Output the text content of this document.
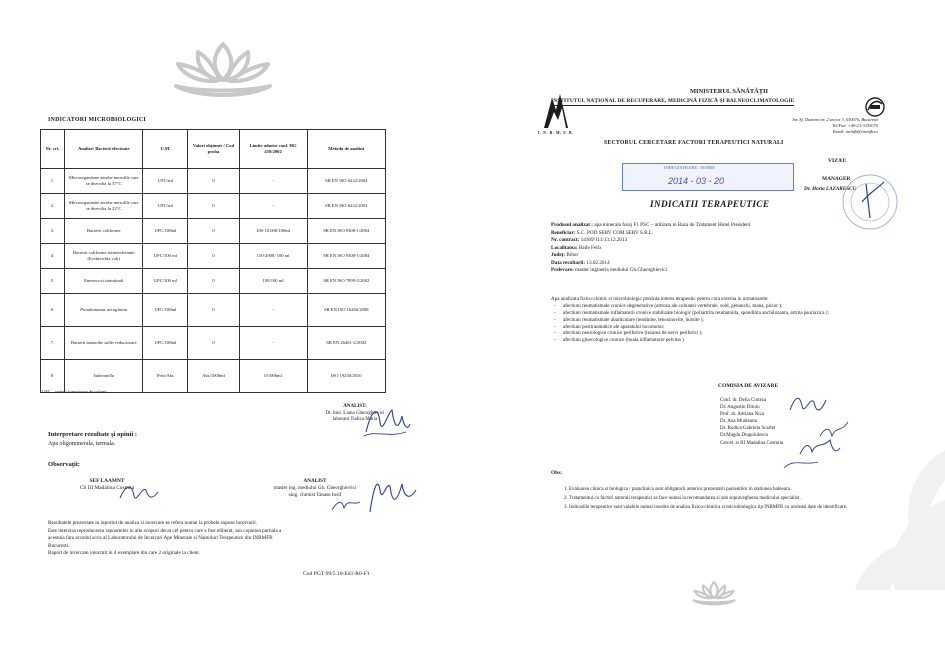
INDICATORI MICROBIOLOGICI
Nr. crt.	Analize/ Bacterii efectuate	U.M.	Valori obţinute / Cod proba	Limite admise conf. HG 459/2002	Metoda de analiză
1.	Microorganisme aerobe mezofile care se dezvolta la 37°C	UFC/ml	0	-	SR EN ISO 6222/2004
2.	Microorganisme aerobe mezofile care se dezvolta la 22°C	UFC/ml	0	-	SR EN ISO 6222/2004
3.	Bacterii coliforme	UFC/100ml	0	100-10.000/100ml	SR EN ISO 9308-1/2004
4.	Bacterii coliforme termotolerante (Escherichia coli)	UFC/100 ml	0	150-2000/ 100 ml	SR EN ISO 9308-1/2004
5.	Enterococi intestinali	UFC/100 ml	0	100/100 ml	SR EN ISO 7899-2/2002
6.	Pseudomonas aeruginosa	UFC/100ml	0	-	SR EN ISO 16266/2008
7.	Bacterii anaerobe sulfit-reducatoare	UFC/100ml	0	-	SR EN 26461-2/2002
8.	Salmonella	Prez/Abs	Abs/1000ml	0/1000ml	ISO 19250/2010
UFC – unitati formatoare de colonii
ANALIST:
Dr. biol. Liana Gheorghievici
laborant Tudica Maria
Interpretare rezultate şi opinii :
Apa oligominerala, termala.
Observaţii:
SEF LAAMNT
CS III Madalina Cosmita
ANALIST
master ing. mediului Gh. Gheorghievici
sing. chimist Tanase Iosif
Rezultatele prezentate in raportul de analiza si incercare se refera numai la probele supuse incercarii.
Este interzisa reproducerea rapoartelor in alte scopuri decat cel pentru care a fost eliberat, sau copierea partiala a
acestuia fara acordul scris al Laboratorului de Incercari Ape Minerale si Namoluri Terapeutice din INRMFB
Bucuresti.
Raport de incercare intocmit in 4 exemplare din care 2 originale la client.
Cod PGT 09/5.10-Ed1-R0-F1
I. N. R. M. F. B.
MINISTERUL SĂNĂTĂŢII
INSTITUTUL NAŢIONAL DE RECUPERARE, MEDICINĂ FIZICĂ ŞI BALNEOCLIMATOLOGIE
Str. Sf. Dumitru nr. 2 sector 3, 030076, Bucuresti
Tel/Fax: +40-21-3155070
Email: inrmfb@inrmfb.ro
SECTORUL CERCETARE FACTORI TERAPEUTICI NATURALI
INREGISTRARE / IESIRE
2014 - 03 - 20
VIZAT:
MANAGER
Dr. Horia LAZARESCU
INDICATII TERAPEUTICE
Produsul analizat : apa minerala foraj F1 PSC – utilizata in Baza de Tratament Hotel President
Beneficiar: S.C. POD SERV COM SERV S.R.L.
Nr. contract: 14369/111/13.12.2013
Localitatea: Baile Felix
Judeţ: Bihor
Data recoltarii: 13.02.2014
Prelevare: master ingineria mediului Gh.Gheorghievici
Apa analizata fizico-chimic si microbiologic prezinta interes terapeutic pentru cura externa in urmatoarele:
- afectiuni reumatismale cronice degenerative (artroza ale coloanei vertebrale, sold, genunchi, mana, picior );
- afectiuni reumatismale inflamatorii cronice stabilizate biologic (poliartrita reumatoida, spondilita anchilozanta, artrita psoriazica );
- afectiuni reumatismale abarticulare (tendinite, tenosinovite, bursite );
- afectiuni posttraumatice ale aparatului locomotor;
- afectiuni neurologice cronice periferice (lezarea de nervi periferici );
- afectiuni ginecologice cronice (boala inflamatorie pelvina )
COMISIA DE AVIZARE
Conf. dr. Delia Cinteza
Dr. Augustin Ditoiu
Prof. dr. Adriana Nica
Dr. Ana Munteanu
Dr. Rodica Gabriela Scarlet
Dr.Magda Dragoiulescu
Cercet. st III Madalina Cosmita
Obs:
1. Evaluarea clinica si biologica / paraclinica sunt obligatorii anterior prezentarii pacientilor in statiunea balneara .
2. Tratamentul cu factori naturali terapeutici se face numai la recomandarea si sub supravegherea medicului specialist .
3. Indicatiile terapeutice sunt valabile numai insotite de analiza fizico-chimica si microbiologica tip INRMFB cu aceleasi date de identificare.
